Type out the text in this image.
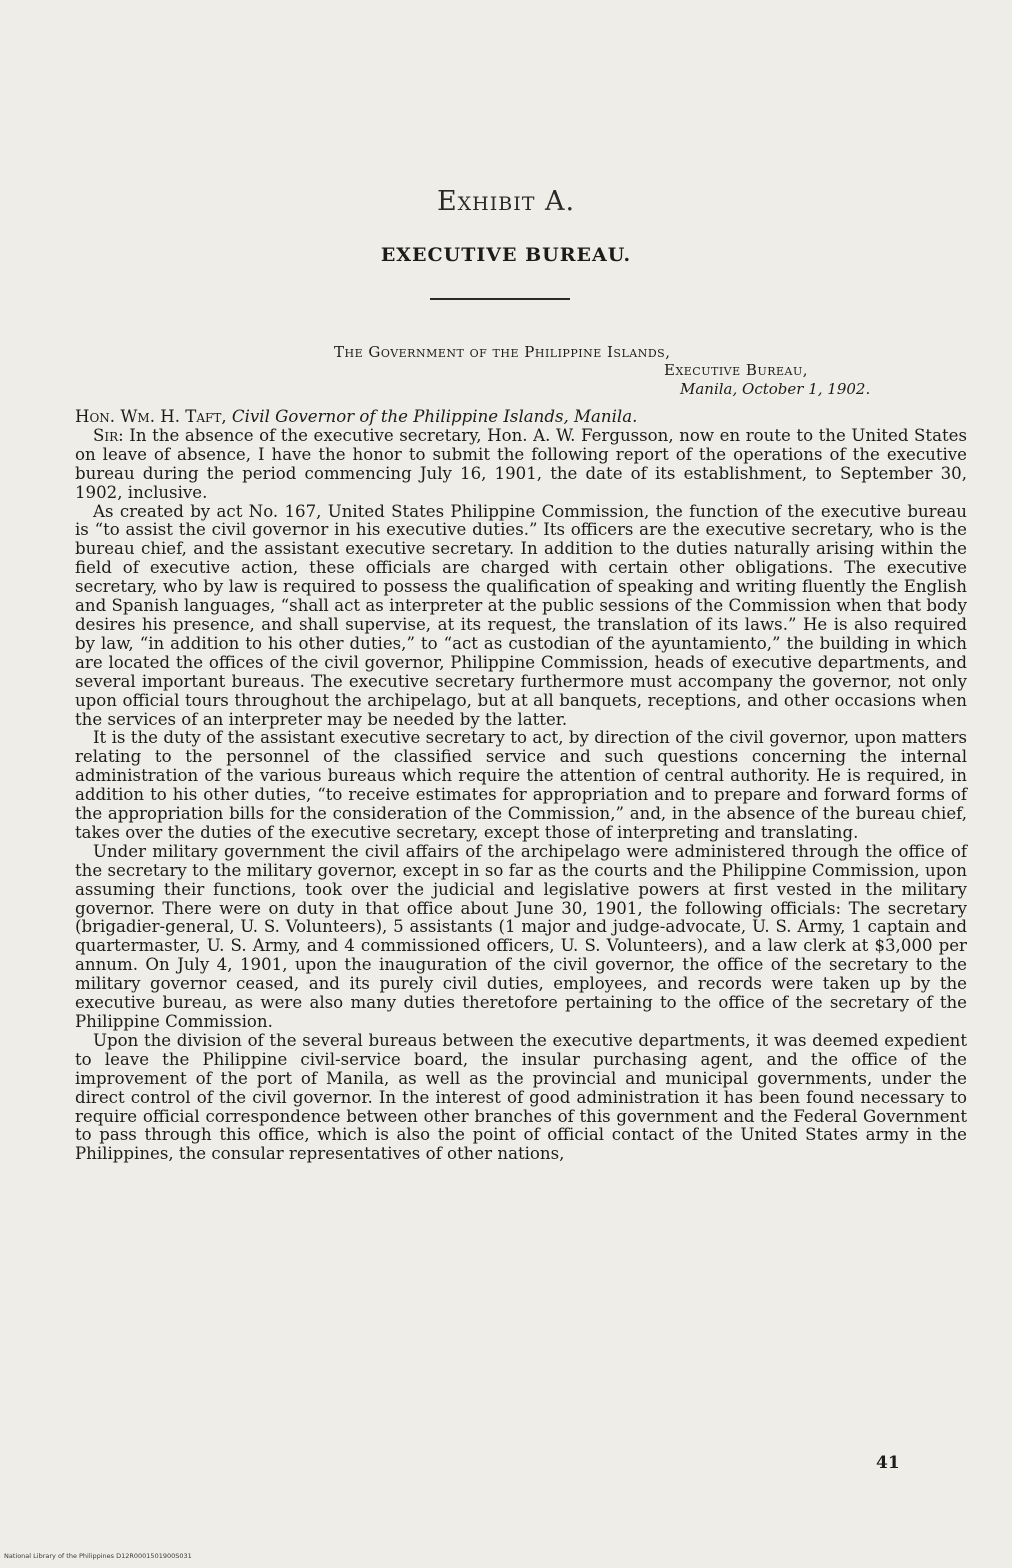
Exhibit A.
EXECUTIVE BUREAU.
The Government of the Philippine Islands,
Executive Bureau,
Manila, October 1, 1902.

Hon. Wm. H. Taft, Civil Governor of the Philippine Islands, Manila.

Sir: In the absence of the executive secretary, Hon. A. W. Fergusson, now en route to the United States on leave of absence, I have the honor to submit the following report of the operations of the executive bureau during the period commencing July 16, 1901, the date of its establishment, to September 30, 1902, inclusive.

As created by act No. 167, United States Philippine Commission, the function of the executive bureau is “to assist the civil governor in his executive duties.” Its officers are the executive secretary, who is the bureau chief, and the assistant executive secretary. In addition to the duties naturally arising within the field of executive action, these officials are charged with certain other obligations. The executive secretary, who by law is required to possess the qualification of speaking and writing fluently the English and Spanish languages, “shall act as interpreter at the public sessions of the Commission when that body desires his presence, and shall supervise, at its request, the translation of its laws.” He is also required by law, “in addition to his other duties,” to “act as custodian of the ayuntamiento,” the building in which are located the offices of the civil governor, Philippine Commission, heads of executive departments, and several important bureaus. The executive secretary furthermore must accompany the governor, not only upon official tours throughout the archipelago, but at all banquets, receptions, and other occasions when the services of an interpreter may be needed by the latter.

It is the duty of the assistant executive secretary to act, by direction of the civil governor, upon matters relating to the personnel of the classified service and such questions concerning the internal administration of the various bureaus which require the attention of central authority. He is required, in addition to his other duties, “to receive estimates for appropriation and to prepare and forward forms of the appropriation bills for the consideration of the Commission,” and, in the absence of the bureau chief, takes over the duties of the executive secretary, except those of interpreting and translating.

Under military government the civil affairs of the archipelago were administered through the office of the secretary to the military governor, except in so far as the courts and the Philippine Commission, upon assuming their functions, took over the judicial and legislative powers at first vested in the military governor. There were on duty in that office about June 30, 1901, the following officials: The secretary (brigadier-general, U. S. Volunteers), 5 assistants (1 major and judge-advocate, U. S. Army, 1 captain and quartermaster, U. S. Army, and 4 commissioned officers, U. S. Volunteers), and a law clerk at $3,000 per annum. On July 4, 1901, upon the inauguration of the civil governor, the office of the secretary to the military governor ceased, and its purely civil duties, employees, and records were taken up by the executive bureau, as were also many duties theretofore pertaining to the office of the secretary of the Philippine Commission.

Upon the division of the several bureaus between the executive departments, it was deemed expedient to leave the Philippine civil-service board, the insular purchasing agent, and the office of the improvement of the port of Manila, as well as the provincial and municipal governments, under the direct control of the civil governor. In the interest of good administration it has been found necessary to require official correspondence between other branches of this government and the Federal Government to pass through this office, which is also the point of official contact of the United States army in the Philippines, the consular representatives of other nations,

41
National Library of the Philippines D12R0001501900S031
